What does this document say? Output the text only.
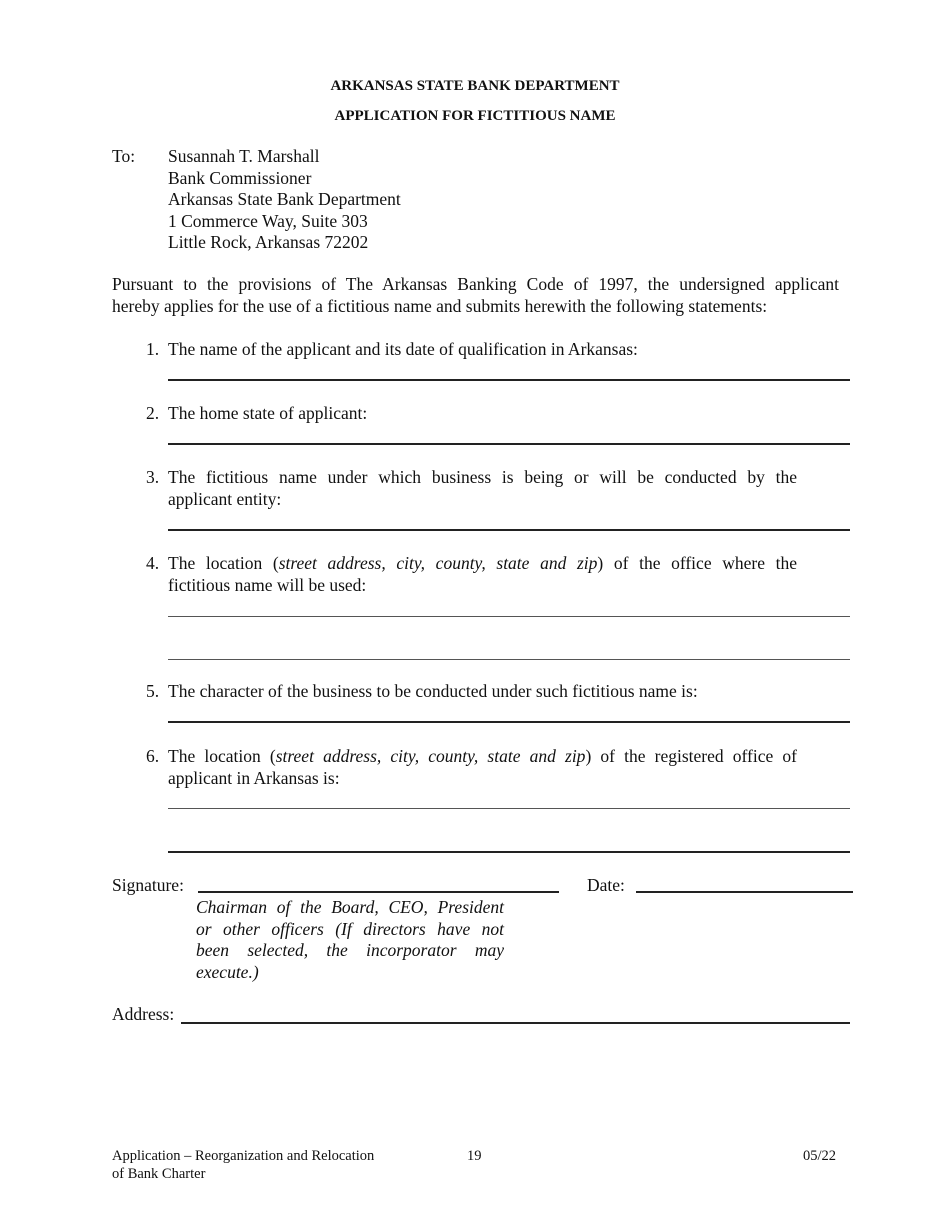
ARKANSAS STATE BANK DEPARTMENT
APPLICATION FOR FICTITIOUS NAME
To: Susannah T. Marshall
Bank Commissioner
Arkansas State Bank Department
1 Commerce Way, Suite 303
Little Rock, Arkansas 72202
Pursuant to the provisions of The Arkansas Banking Code of 1997, the undersigned applicant
hereby applies for the use of a fictitious name and submits herewith the following statements:
1. The name of the applicant and its date of qualification in Arkansas:
2. The home state of applicant:
3. The fictitious name under which business is being or will be conducted by the
applicant entity:
4. The location (street address, city, county, state and zip) of the office where the
fictitious name will be used:
5. The character of the business to be conducted under such fictitious name is:
6. The location (street address, city, county, state and zip) of the registered office of
applicant in Arkansas is:
Signature:	Date:
Chairman of the Board, CEO, President
or other officers (If directors have not
been selected, the incorporator may
execute.)
Address:
Application – Reorganization and Relocation
of Bank Charter
19	05/22
